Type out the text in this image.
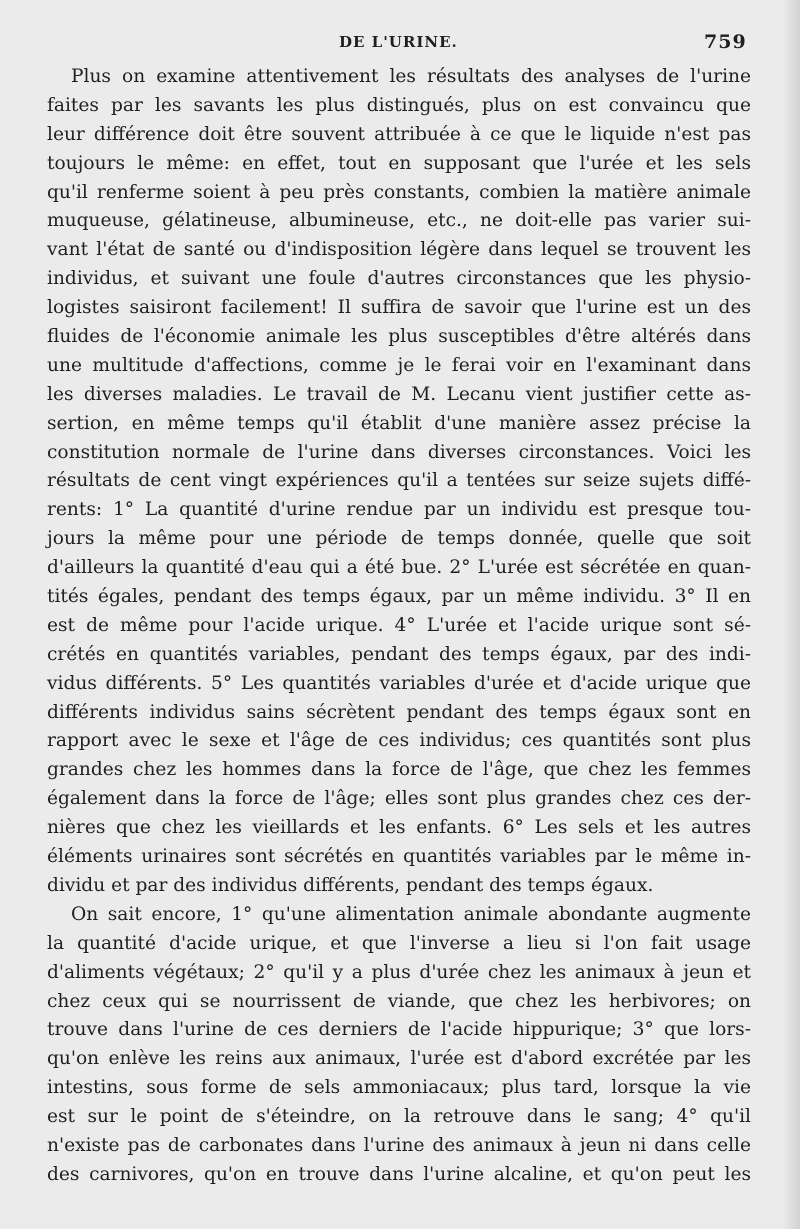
DE L'URINE.	759
Plus on examine attentivement les résultats des analyses de l'urine
faites par les savants les plus distingués, plus on est convaincu que
leur différence doit être souvent attribuée à ce que le liquide n'est pas
toujours le même: en effet, tout en supposant que l'urée et les sels
qu'il renferme soient à peu près constants, combien la matière animale
muqueuse, gélatineuse, albumineuse, etc., ne doit-elle pas varier sui-
vant l'état de santé ou d'indisposition légère dans lequel se trouvent les
individus, et suivant une foule d'autres circonstances que les physio-
logistes saisiront facilement! Il suffira de savoir que l'urine est un des
fluides de l'économie animale les plus susceptibles d'être altérés dans
une multitude d'affections, comme je le ferai voir en l'examinant dans
les diverses maladies. Le travail de M. Lecanu vient justifier cette as-
sertion, en même temps qu'il établit d'une manière assez précise la
constitution normale de l'urine dans diverses circonstances. Voici les
résultats de cent vingt expériences qu'il a tentées sur seize sujets diffé-
rents: 1° La quantité d'urine rendue par un individu est presque tou-
jours la même pour une période de temps donnée, quelle que soit
d'ailleurs la quantité d'eau qui a été bue. 2° L'urée est sécrétée en quan-
tités égales, pendant des temps égaux, par un même individu. 3° Il en
est de même pour l'acide urique. 4° L'urée et l'acide urique sont sé-
crétés en quantités variables, pendant des temps égaux, par des indi-
vidus différents. 5° Les quantités variables d'urée et d'acide urique que
différents individus sains sécrètent pendant des temps égaux sont en
rapport avec le sexe et l'âge de ces individus; ces quantités sont plus
grandes chez les hommes dans la force de l'âge, que chez les femmes
également dans la force de l'âge; elles sont plus grandes chez ces der-
nières que chez les vieillards et les enfants. 6° Les sels et les autres
éléments urinaires sont sécrétés en quantités variables par le même in-
dividu et par des individus différents, pendant des temps égaux.
On sait encore, 1° qu'une alimentation animale abondante augmente
la quantité d'acide urique, et que l'inverse a lieu si l'on fait usage
d'aliments végétaux; 2° qu'il y a plus d'urée chez les animaux à jeun et
chez ceux qui se nourrissent de viande, que chez les herbivores; on
trouve dans l'urine de ces derniers de l'acide hippurique; 3° que lors-
qu'on enlève les reins aux animaux, l'urée est d'abord excrétée par les
intestins, sous forme de sels ammoniacaux; plus tard, lorsque la vie
est sur le point de s'éteindre, on la retrouve dans le sang; 4° qu'il
n'existe pas de carbonates dans l'urine des animaux à jeun ni dans celle
des carnivores, qu'on en trouve dans l'urine alcaline, et qu'on peut les
